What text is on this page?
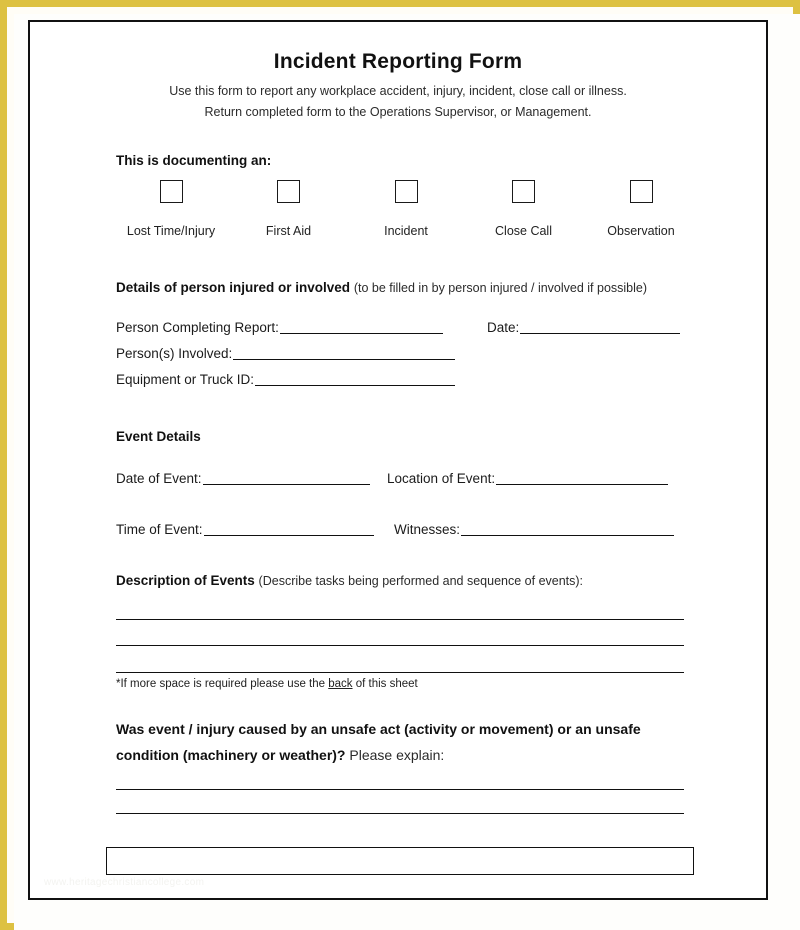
Incident Reporting Form
Use this form to report any workplace accident, injury, incident, close call or illness.
Return completed form to the Operations Supervisor, or Management.
This is documenting an:
Lost Time/Injury	First Aid	Incident	Close Call	Observation
Details of person injured or involved (to be filled in by person injured / involved if possible)
Person Completing Report:	Date:
Person(s) Involved:
Equipment or Truck ID:
Event Details
Date of Event:	Location of Event:
Time of Event:	Witnesses:
Description of Events (Describe tasks being performed and sequence of events):
*If more space is required please use the back of this sheet
Was event / injury caused by an unsafe act (activity or movement) or an unsafe
condition (machinery or weather)? Please explain:
www.heritagechristiancollege.com
